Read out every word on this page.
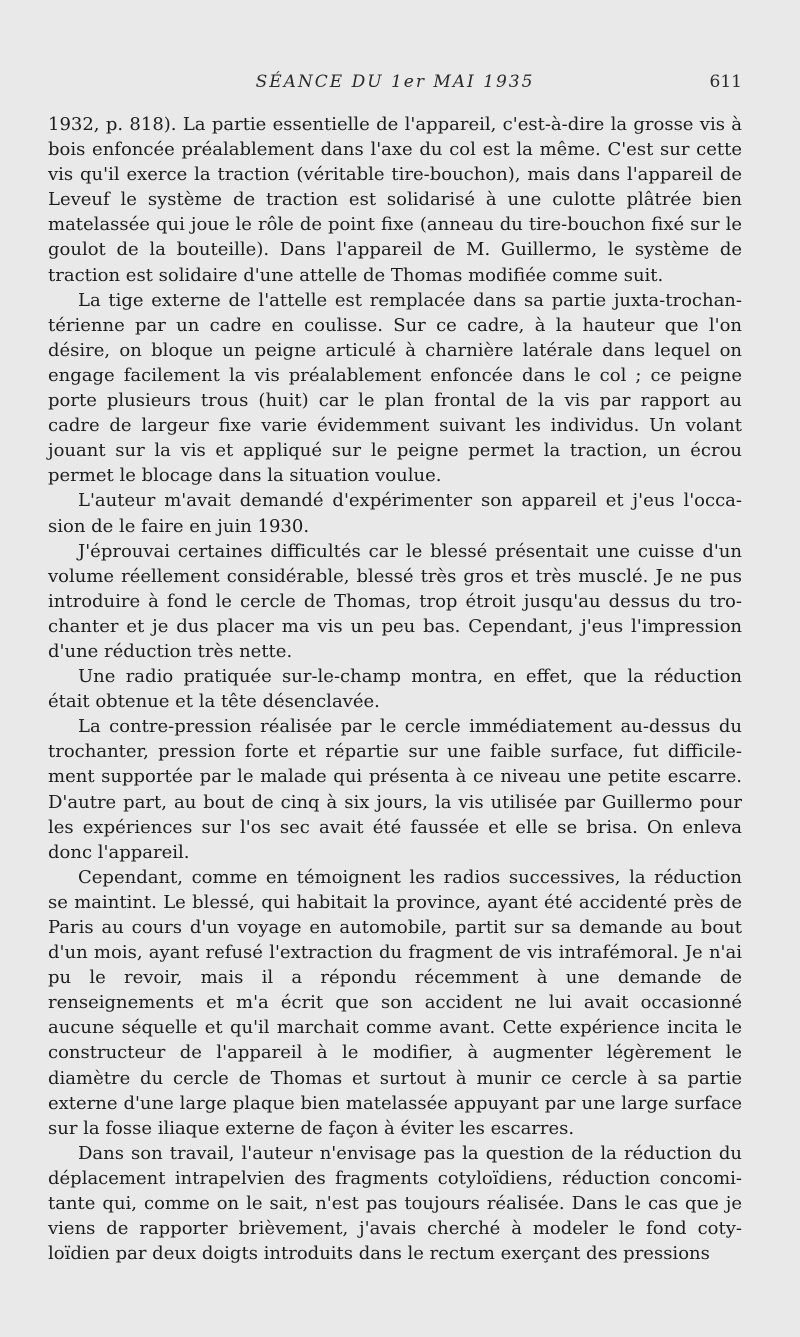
SÉANCE DU 1er MAI 1935	611

1932, p. 818). La partie essentielle de l'appareil, c'est-à-dire la grosse vis à bois enfoncée préalablement dans l'axe du col est la même. C'est sur cette vis qu'il exerce la traction (véritable tire-bouchon), mais dans l'appareil de Leveuf le système de traction est solidarisé à une culotte plâtrée bien matelassée qui joue le rôle de point fixe (anneau du tire-bouchon fixé sur le goulot de la bouteille). Dans l'appareil de M. Guillermo, le système de traction est solidaire d'une attelle de Thomas modifiée comme suit.

La tige externe de l'attelle est remplacée dans sa partie juxta-trochantérienne par un cadre en coulisse. Sur ce cadre, à la hauteur que l'on désire, on bloque un peigne articulé à charnière latérale dans lequel on engage facilement la vis préalablement enfoncée dans le col ; ce peigne porte plusieurs trous (huit) car le plan frontal de la vis par rapport au cadre de largeur fixe varie évidemment suivant les individus. Un volant jouant sur la vis et appliqué sur le peigne permet la traction, un écrou permet le blocage dans la situation voulue.

L'auteur m'avait demandé d'expérimenter son appareil et j'eus l'occasion de le faire en juin 1930.

J'éprouvai certaines difficultés car le blessé présentait une cuisse d'un volume réellement considérable, blessé très gros et très musclé. Je ne pus introduire à fond le cercle de Thomas, trop étroit jusqu'au dessus du trochanter et je dus placer ma vis un peu bas. Cependant, j'eus l'impression d'une réduction très nette.

Une radio pratiquée sur-le-champ montra, en effet, que la réduction était obtenue et la tête désenclavée.

La contre-pression réalisée par le cercle immédiatement au-dessus du trochanter, pression forte et répartie sur une faible surface, fut difficilement supportée par le malade qui présenta à ce niveau une petite escarre. D'autre part, au bout de cinq à six jours, la vis utilisée par Guillermo pour les expériences sur l'os sec avait été faussée et elle se brisa. On enleva donc l'appareil.

Cependant, comme en témoignent les radios successives, la réduction se maintint. Le blessé, qui habitait la province, ayant été accidenté près de Paris au cours d'un voyage en automobile, partit sur sa demande au bout d'un mois, ayant refusé l'extraction du fragment de vis intrafémoral. Je n'ai pu le revoir, mais il a répondu récemment à une demande de renseignements et m'a écrit que son accident ne lui avait occasionné aucune séquelle et qu'il marchait comme avant. Cette expérience incita le constructeur de l'appareil à le modifier, à augmenter légèrement le diamètre du cercle de Thomas et surtout à munir ce cercle à sa partie externe d'une large plaque bien matelassée appuyant par une large surface sur la fosse iliaque externe de façon à éviter les escarres.

Dans son travail, l'auteur n'envisage pas la question de la réduction du déplacement intrapelvien des fragments cotyloïdiens, réduction concomitante qui, comme on le sait, n'est pas toujours réalisée. Dans le cas que je viens de rapporter brièvement, j'avais cherché à modeler le fond cotyloïdien par deux doigts introduits dans le rectum exerçant des pressions
